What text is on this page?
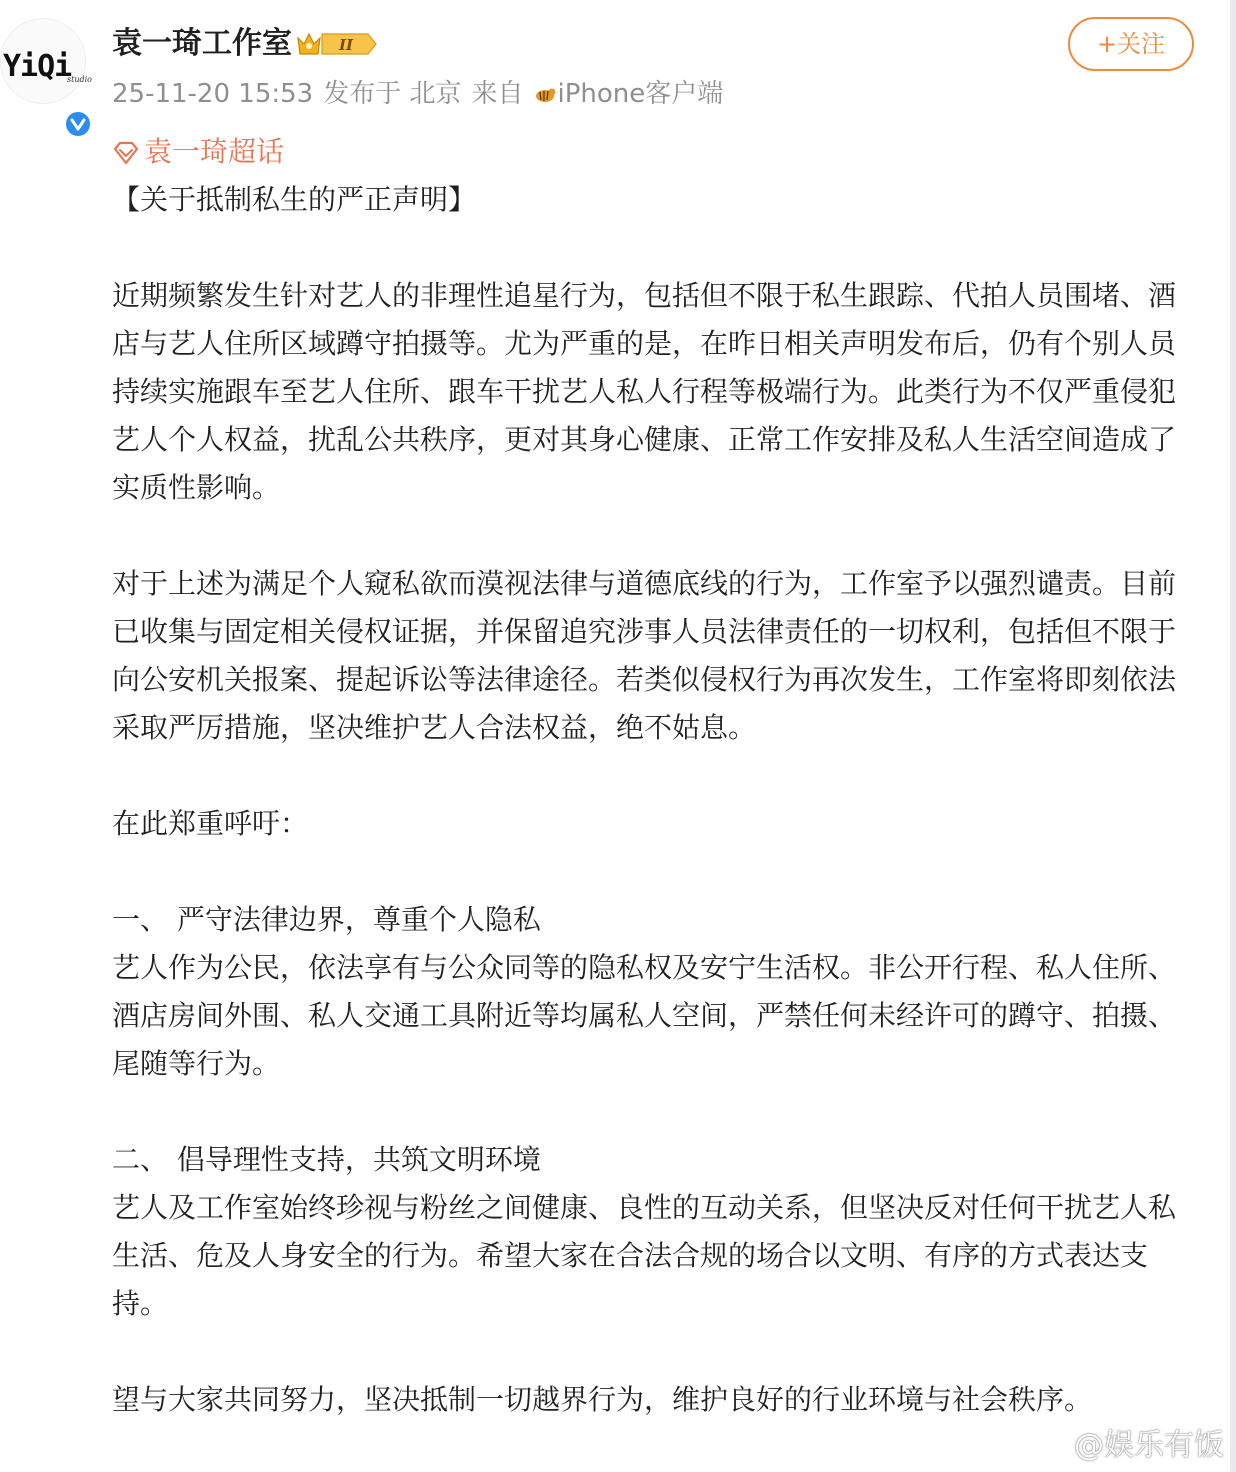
YiQi
studio
袁一琦工作室	II	+关注
25-11-20 15:53 发布于 北京 来自 iPhone客户端
袁一琦超话

【关于抵制私生的严正声明】

近期频繁发生针对艺人的非理性追星行为，包括但不限于私生跟踪、代拍人员围堵、酒店与艺人住所区域蹲守拍摄等。尤为严重的是，在昨日相关声明发布后，仍有个别人员持续实施跟车至艺人住所、跟车干扰艺人私人行程等极端行为。此类行为不仅严重侵犯艺人个人权益，扰乱公共秩序，更对其身心健康、正常工作安排及私人生活空间造成了实质性影响。

对于上述为满足个人窥私欲而漠视法律与道德底线的行为，工作室予以强烈谴责。目前已收集与固定相关侵权证据，并保留追究涉事人员法律责任的一切权利，包括但不限于向公安机关报案、提起诉讼等法律途径。若类似侵权行为再次发生，工作室将即刻依法采取严厉措施，坚决维护艺人合法权益，绝不姑息。

在此郑重呼吁：

一、 严守法律边界，尊重个人隐私

艺人作为公民，依法享有与公众同等的隐私权及安宁生活权。非公开行程、私人住所、酒店房间外围、私人交通工具附近等均属私人空间，严禁任何未经许可的蹲守、拍摄、尾随等行为。

二、 倡导理性支持，共筑文明环境

艺人及工作室始终珍视与粉丝之间健康、良性的互动关系，但坚决反对任何干扰艺人私生活、危及人身安全的行为。希望大家在合法合规的场合以文明、有序的方式表达支持。

望与大家共同努力，坚决抵制一切越界行为，维护良好的行业环境与社会秩序。

@娱乐有饭
